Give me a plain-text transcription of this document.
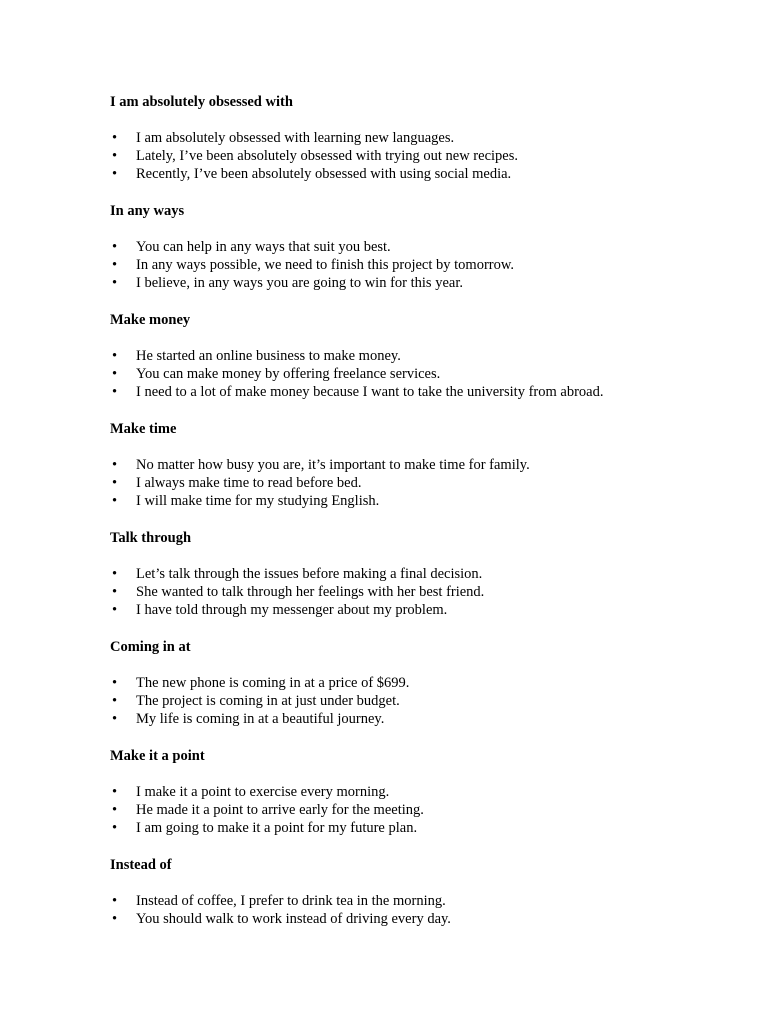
I am absolutely obsessed with
• I am absolutely obsessed with learning new languages.
• Lately, I’ve been absolutely obsessed with trying out new recipes.
• Recently, I’ve been absolutely obsessed with using social media.
In any ways
• You can help in any ways that suit you best.
• In any ways possible, we need to finish this project by tomorrow.
• I believe, in any ways you are going to win for this year.
Make money
• He started an online business to make money.
• You can make money by offering freelance services.
• I need to a lot of make money because I want to take the university from abroad.
Make time
• No matter how busy you are, it’s important to make time for family.
• I always make time to read before bed.
• I will make time for my studying English.
Talk through
• Let’s talk through the issues before making a final decision.
• She wanted to talk through her feelings with her best friend.
• I have told through my messenger about my problem.
Coming in at
• The new phone is coming in at a price of $699.
• The project is coming in at just under budget.
• My life is coming in at a beautiful journey.
Make it a point
• I make it a point to exercise every morning.
• He made it a point to arrive early for the meeting.
• I am going to make it a point for my future plan.
Instead of
• Instead of coffee, I prefer to drink tea in the morning.
• You should walk to work instead of driving every day.
